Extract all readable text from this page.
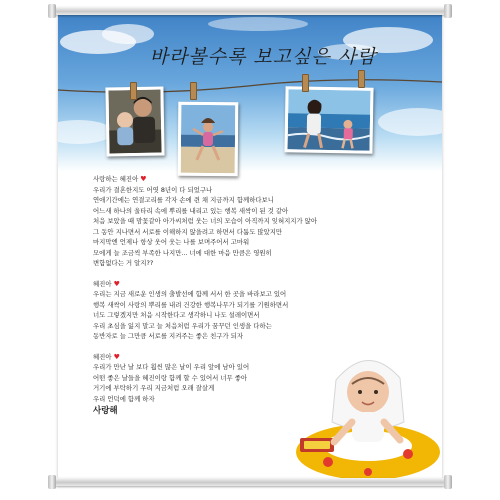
바라볼수록 보고싶은 사람
사랑하는 혜진아 ♥
우리가 결혼한지도 어엿 8년이 다 되었구나
연애기간에는 연결고리를 각자 손에 쥔 채 지금까지 함께하다보니
어느새 하나의 울타리 속에 뿌리를 내리고 있는 행복 새싹이 된 것 같아
처음 보았을 때 맘꽃같아 아가씨처럼 웃는 너의 모습이 아직까지 잊혀지지가 않아
그 동안 지나면서 서로를 이해하지 않을려고 하면서 다툼도 많았지만
마지막엔 언제나 항상 웃어 웃는 나를 보며주어서 고마워
모에게 늘 조금씩 부족한 나지만... 너에 대한 마음 만큼은 영원히
변함없다는 거 알지??
혜진아 ♥
우리는 지금 새로운 인생의 출발선에 함께 서서 한 곳을 바라보고 있어
행복 새싹이 사랑의 뿌리를 내려 건강한 행복나무가 되기를 기원하면서
너도 그렇겠지만 처음 시작한다고 생각하니 나도 설레이면서
우리 초심을 잃지 말고 늘 처음처럼 우리가 꿈꾸던 인생을 다하는
동반자로 늘 그만큼 서로를 지켜주는 좋은 친구가 되자
혜진아 ♥
우리가 만난 날 보다 훨씬 많은 날이 우리 앞에 남아 있어
어떤 좋은 날들을 혜진이랑 함께 할 수 있어서 너무 좋아
거기에 부탁하기 우리 지금처럼 오래 잘살게
우리 언덕에 함께 하자
사랑해
